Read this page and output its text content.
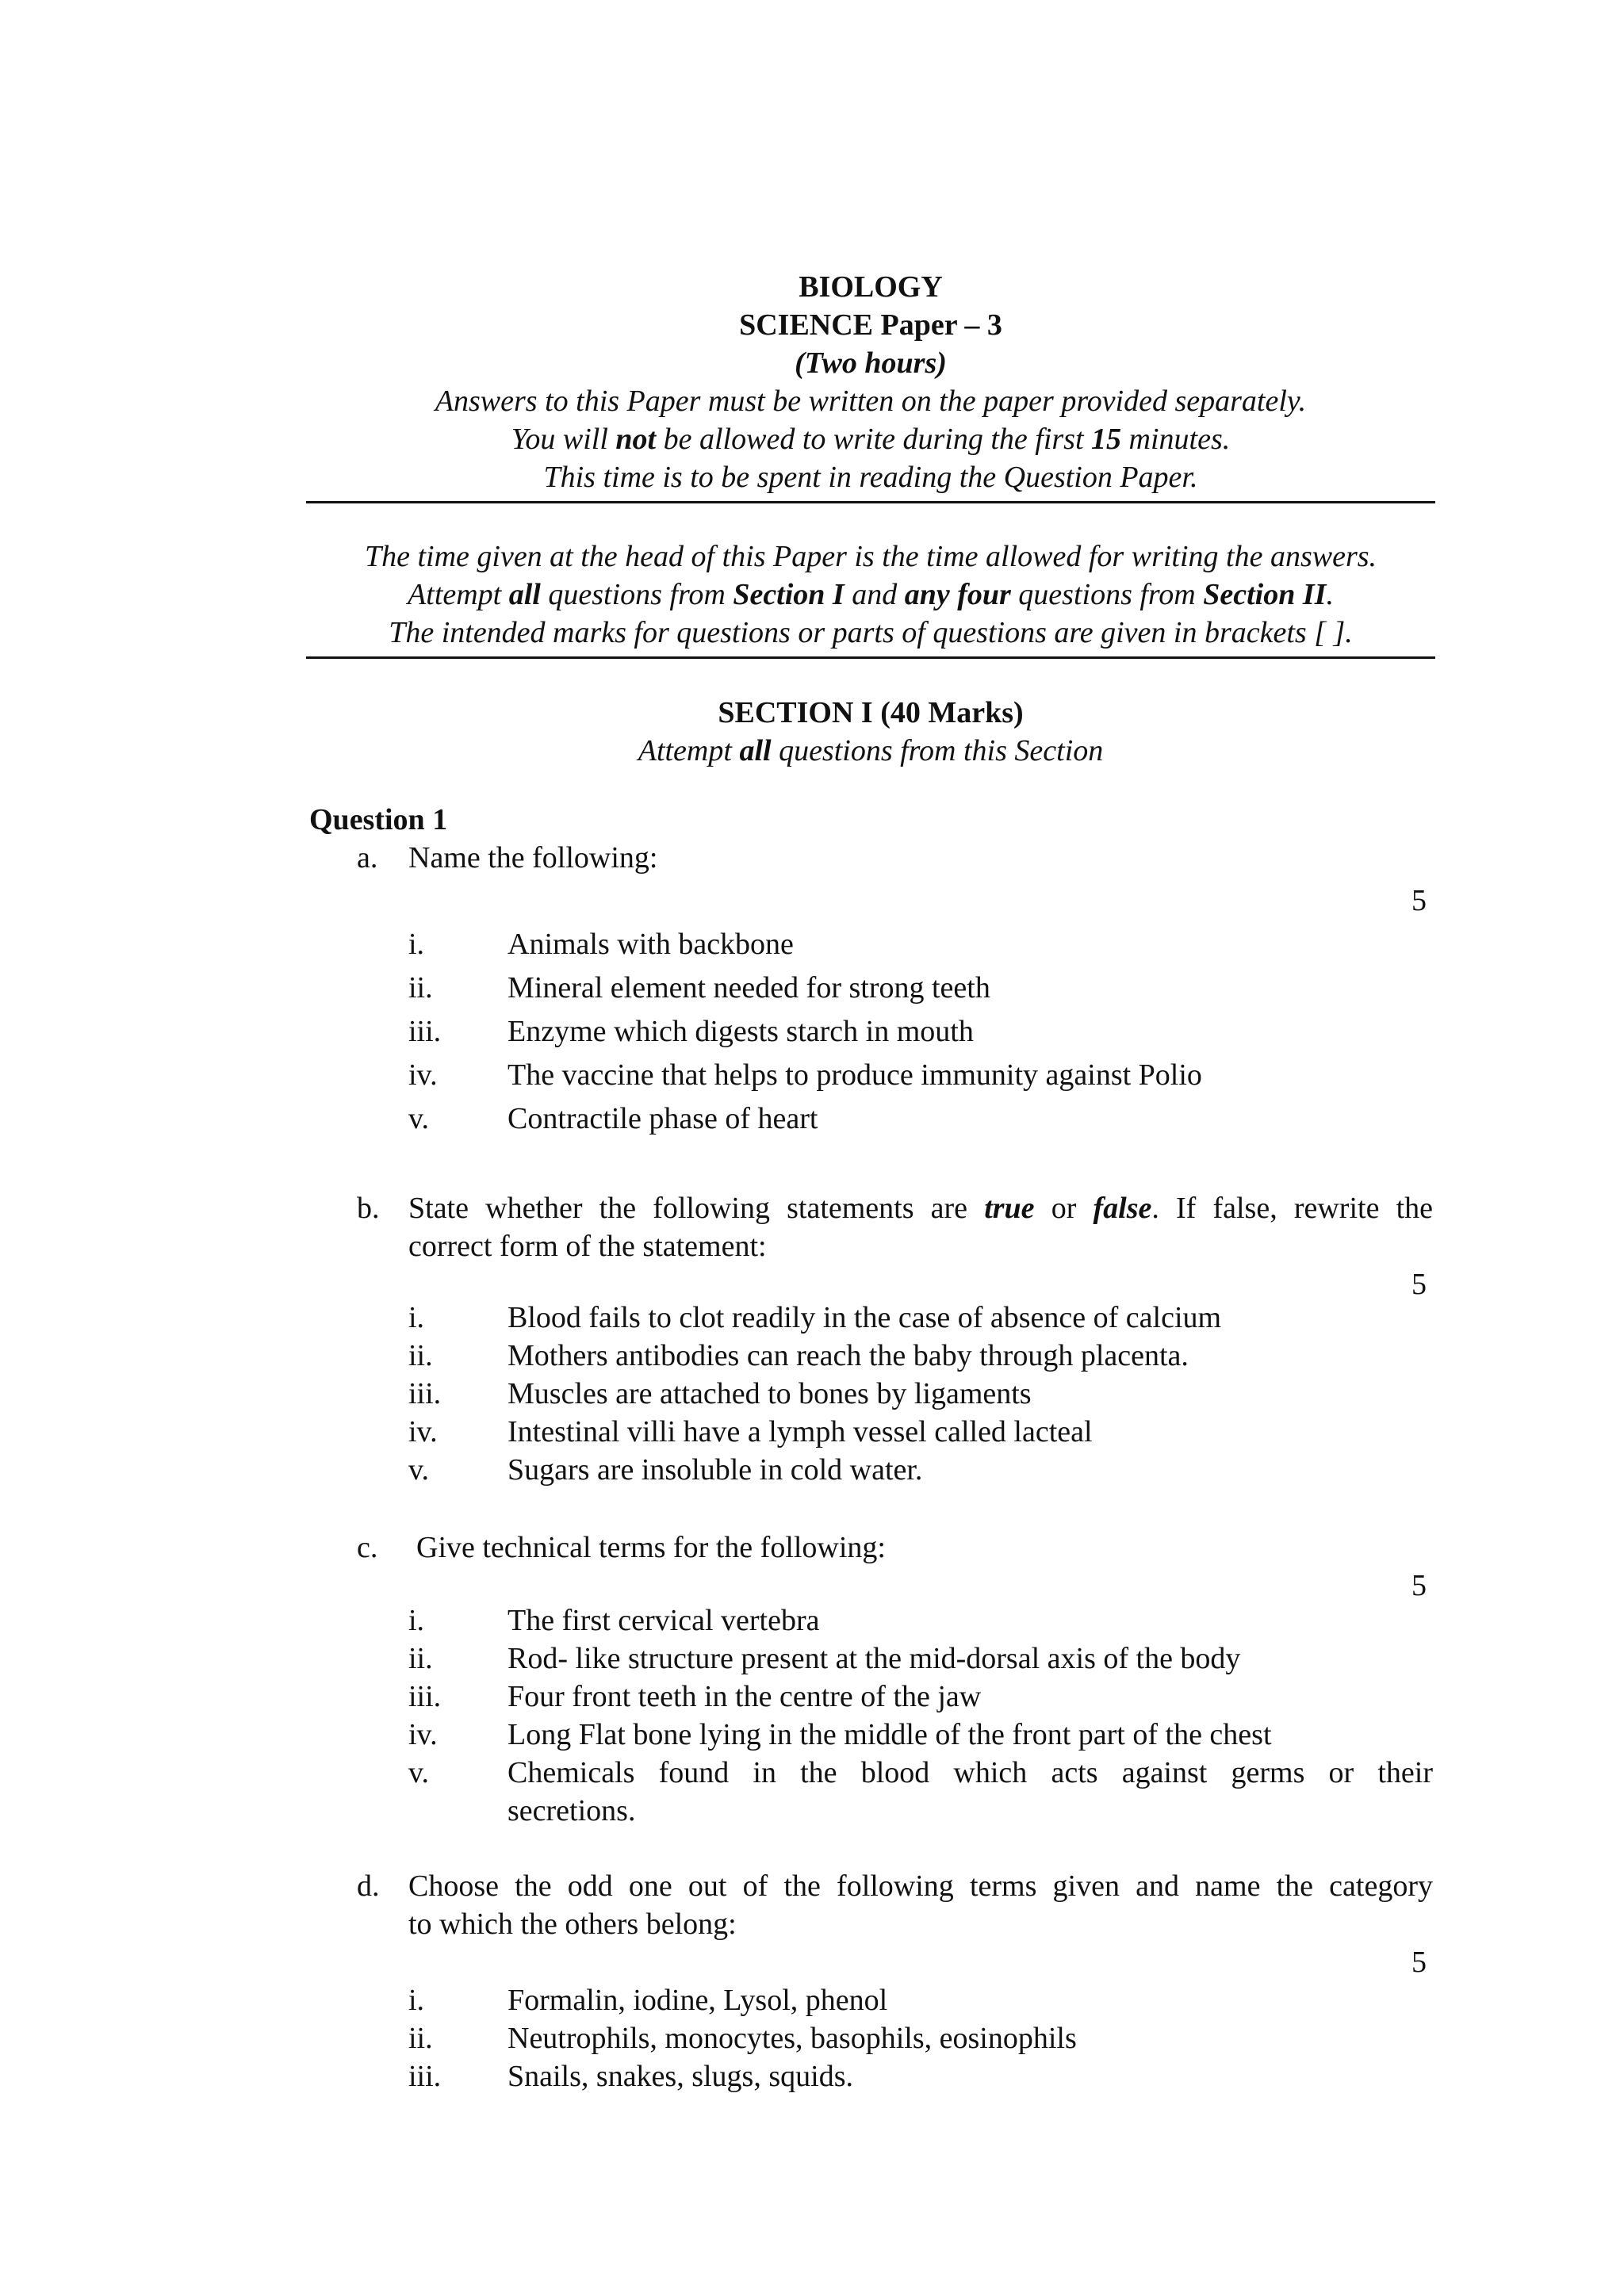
BIOLOGY
SCIENCE Paper – 3
(Two hours)
Answers to this Paper must be written on the paper provided separately.
You will not be allowed to write during the first 15 minutes.
This time is to be spent in reading the Question Paper.
The time given at the head of this Paper is the time allowed for writing the answers.
Attempt all questions from Section I and any four questions from Section II.
The intended marks for questions or parts of questions are given in brackets [ ].
SECTION I (40 Marks)
Attempt all questions from this Section
Question 1
a. Name the following:
5
i.	Animals with backbone
ii. Mineral element needed for strong teeth
iii. Enzyme which digests starch in mouth
iv. The vaccine that helps to produce immunity against Polio
v.	Contractile phase of heart
b. State whether the following statements are true or false. If false, rewrite the
correct form of the statement:
5
i.	Blood fails to clot readily in the case of absence of calcium
ii. Mothers antibodies can reach the baby through placenta.
iii. Muscles are attached to bones by ligaments
iv. Intestinal villi have a lymph vessel called lacteal
v.	Sugars are insoluble in cold water.
c. Give technical terms for the following:
5
i.	The first cervical vertebra
ii. Rod- like structure present at the mid-dorsal axis of the body
iii. Four front teeth in the centre of the jaw
iv. Long Flat bone lying in the middle of the front part of the chest
v.	Chemicals found in the blood which acts against germs or their
secretions.
d. Choose the odd one out of the following terms given and name the category
to which the others belong:
5
i.	Formalin, iodine, Lysol, phenol
ii. Neutrophils, monocytes, basophils, eosinophils
iii. Snails, snakes, slugs, squids.
